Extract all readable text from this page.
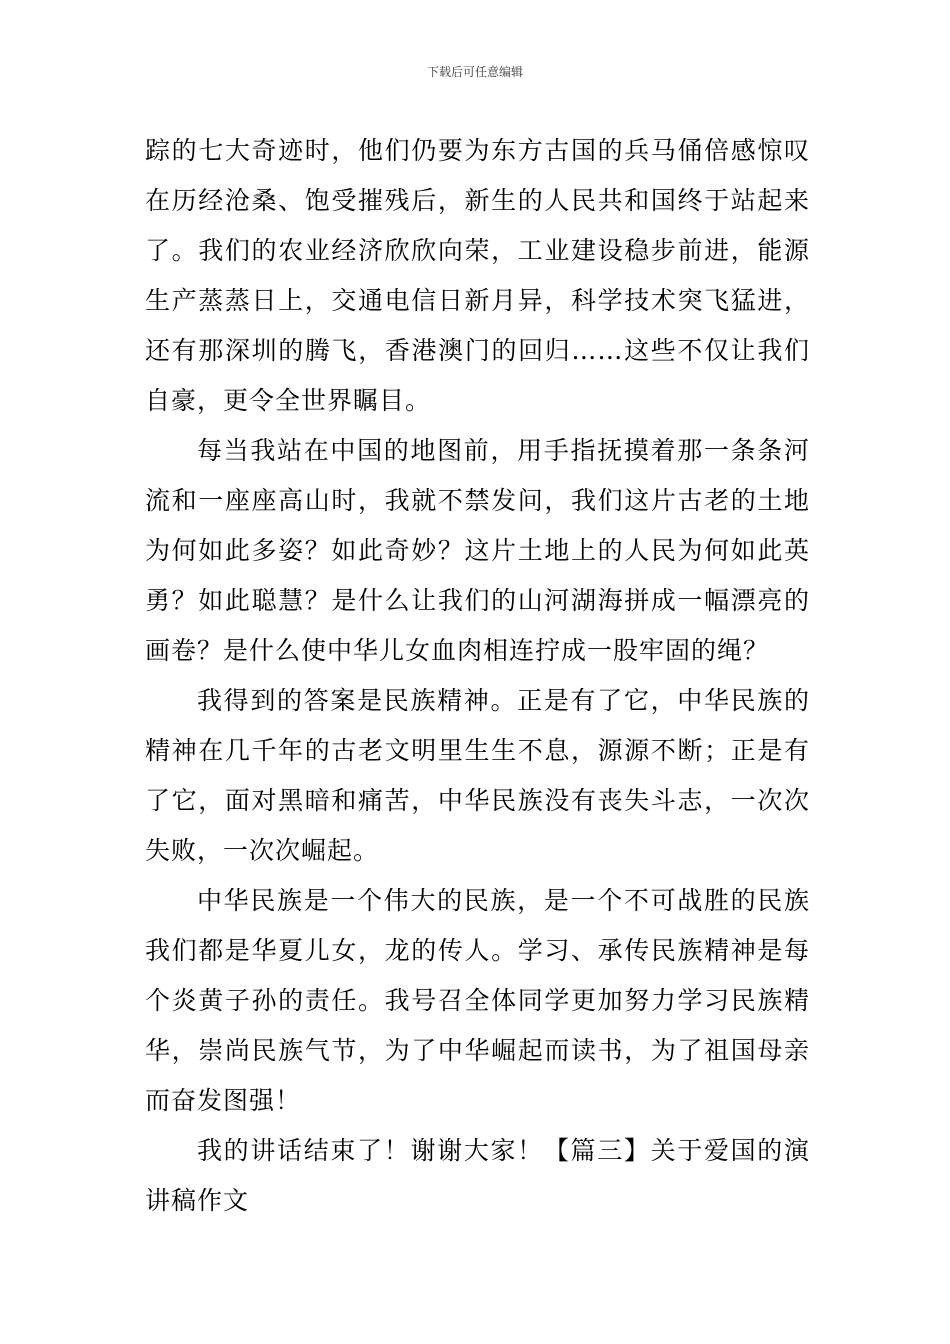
下载后可任意编辑

踪的七大奇迹时，他们仍要为东方古国的兵马俑倍感惊叹在历经沧桑、饱受摧残后，新生的人民共和国终于站起来了。我们的农业经济欣欣向荣，工业建设稳步前进，能源生产蒸蒸日上，交通电信日新月异，科学技术突飞猛进，还有那深圳的腾飞，香港澳门的回归……这些不仅让我们自豪，更令全世界瞩目。

每当我站在中国的地图前，用手指抚摸着那一条条河流和一座座高山时，我就不禁发问，我们这片古老的土地为何如此多姿？如此奇妙？这片土地上的人民为何如此英勇？如此聪慧？是什么让我们的山河湖海拼成一幅漂亮的画卷？是什么使中华儿女血肉相连拧成一股牢固的绳？

我得到的答案是民族精神。正是有了它，中华民族的精神在几千年的古老文明里生生不息，源源不断；正是有了它，面对黑暗和痛苦，中华民族没有丧失斗志，一次次失败，一次次崛起。

中华民族是一个伟大的民族，是一个不可战胜的民族我们都是华夏儿女，龙的传人。学习、承传民族精神是每个炎黄子孙的责任。我号召全体同学更加努力学习民族精华，崇尚民族气节，为了中华崛起而读书，为了祖国母亲而奋发图强！

我的讲话结束了！谢谢大家！【篇三】关于爱国的演讲稿作文
